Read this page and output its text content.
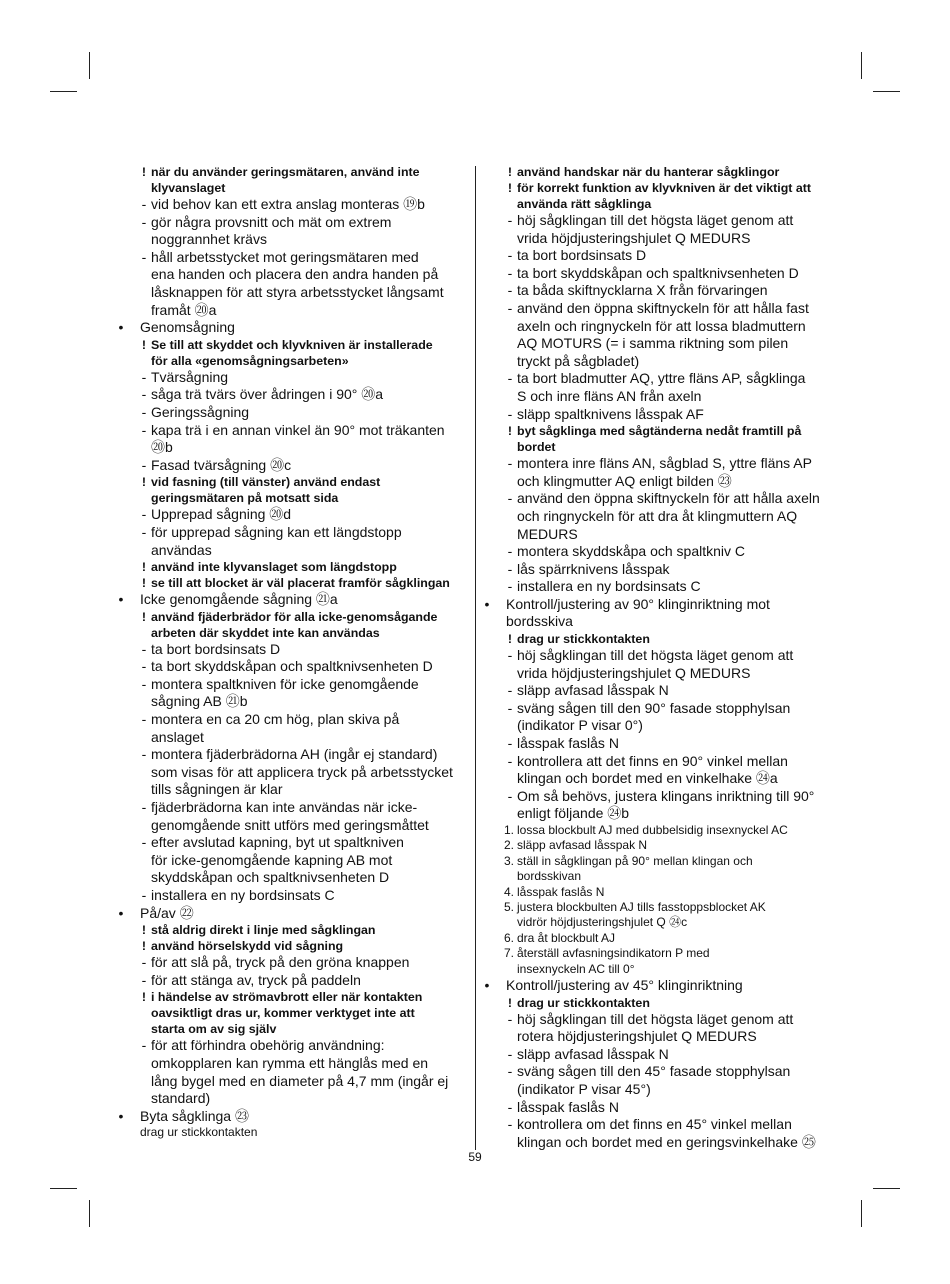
! när du använder geringsmätaren, använd inte
klyvanslaget
- vid behov kan ett extra anslag monteras ⑲b
- gör några provsnitt och mät om extrem
noggrannhet krävs
- håll arbetsstycket mot geringsmätaren med
ena handen och placera den andra handen på
låsknappen för att styra arbetsstycket långsamt
framåt ⑳a
•	Genomsågning
! Se till att skyddet och klyvkniven är installerade
för alla «genomsågningsarbeten»
- Tvärsågning
- såga trä tvärs över ådringen i 90° ⑳a
- Geringssågning
- kapa trä i en annan vinkel än 90° mot träkanten
⑳b
- Fasad tvärsågning ⑳c
! vid fasning (till vänster) använd endast
geringsmätaren på motsatt sida
- Upprepad sågning ⑳d
- för upprepad sågning kan ett längdstopp
användas
! använd inte klyvanslaget som längdstopp
! se till att blocket är väl placerat framför sågklingan
•	Icke genomgående sågning ㉑a
! använd fjäderbrädor för alla icke-genomsågande
arbeten där skyddet inte kan användas
- ta bort bordsinsats D
- ta bort skyddskåpan och spaltknivsenheten D
- montera spaltkniven för icke genomgående
sågning AB ㉑b
- montera en ca 20 cm hög, plan skiva på
anslaget
- montera fjäderbrädorna AH (ingår ej standard)
som visas för att applicera tryck på arbetsstycket
tills sågningen är klar
- fjäderbrädorna kan inte användas när icke-
genomgående snitt utförs med geringsmåttet
- efter avslutad kapning, byt ut spaltkniven
för icke-genomgående kapning AB mot
skyddskåpan och spaltknivsenheten D
- installera en ny bordsinsats C
•	På/av ㉒
! stå aldrig direkt i linje med sågklingan
! använd hörselskydd vid sågning
- för att slå på, tryck på den gröna knappen
- för att stänga av, tryck på paddeln
! i händelse av strömavbrott eller när kontakten
oavsiktligt dras ur, kommer verktyget inte att
starta om av sig själv
- för att förhindra obehörig användning:
omkopplaren kan rymma ett hänglås med en
lång bygel med en diameter på 4,7 mm (ingår ej
standard)
•	Byta sågklinga ㉓
drag ur stickkontakten
! använd handskar när du hanterar sågklingor
! för korrekt funktion av klyvkniven är det viktigt att
använda rätt sågklinga
- höj sågklingan till det högsta läget genom att
vrida höjdjusteringshjulet Q MEDURS
- ta bort bordsinsats D
- ta bort skyddskåpan och spaltknivsenheten D
- ta båda skiftnycklarna X från förvaringen
- använd den öppna skiftnyckeln för att hålla fast
axeln och ringnyckeln för att lossa bladmuttern
AQ MOTURS (= i samma riktning som pilen
tryckt på sågbladet)
- ta bort bladmutter AQ, yttre fläns AP, sågklinga
S och inre fläns AN från axeln
- släpp spaltknivens låsspak AF
! byt sågklinga med sågtänderna nedåt framtill på
bordet
- montera inre fläns AN, sågblad S, yttre fläns AP
och klingmutter AQ enligt bilden ㉓
- använd den öppna skiftnyckeln för att hålla axeln
och ringnyckeln för att dra åt klingmuttern AQ
MEDURS
- montera skyddskåpa och spaltkniv C
- lås spärrknivens låsspak
- installera en ny bordsinsats C
•	Kontroll/justering av 90° klinginriktning mot
bordsskiva
! drag ur stickkontakten
- höj sågklingan till det högsta läget genom att
vrida höjdjusteringshjulet Q MEDURS
- släpp avfasad låsspak N
- sväng sågen till den 90° fasade stopphylsan
(indikator P visar 0°)
- låsspak faslås N
- kontrollera att det finns en 90° vinkel mellan
klingan och bordet med en vinkelhake ㉔a
- Om så behövs, justera klingans inriktning till 90°
enligt följande ㉔b
1. lossa blockbult AJ med dubbelsidig insexnyckel AC
2. släpp avfasad låsspak N
3. ställ in sågklingan på 90° mellan klingan och
bordsskivan
4. låsspak faslås N
5. justera blockbulten AJ tills fasstoppsblocket AK
vidrör höjdjusteringshjulet Q ㉔c
6. dra åt blockbult AJ
7. återställ avfasningsindikatorn P med
insexnyckeln AC till 0°
•	Kontroll/justering av 45° klinginriktning
! drag ur stickkontakten
- höj sågklingan till det högsta läget genom att
rotera höjdjusteringshjulet Q MEDURS
- släpp avfasad låsspak N
- sväng sågen till den 45° fasade stopphylsan
(indikator P visar 45°)
- låsspak faslås N
- kontrollera om det finns en 45° vinkel mellan
klingan och bordet med en geringsvinkelhake ㉕
59
